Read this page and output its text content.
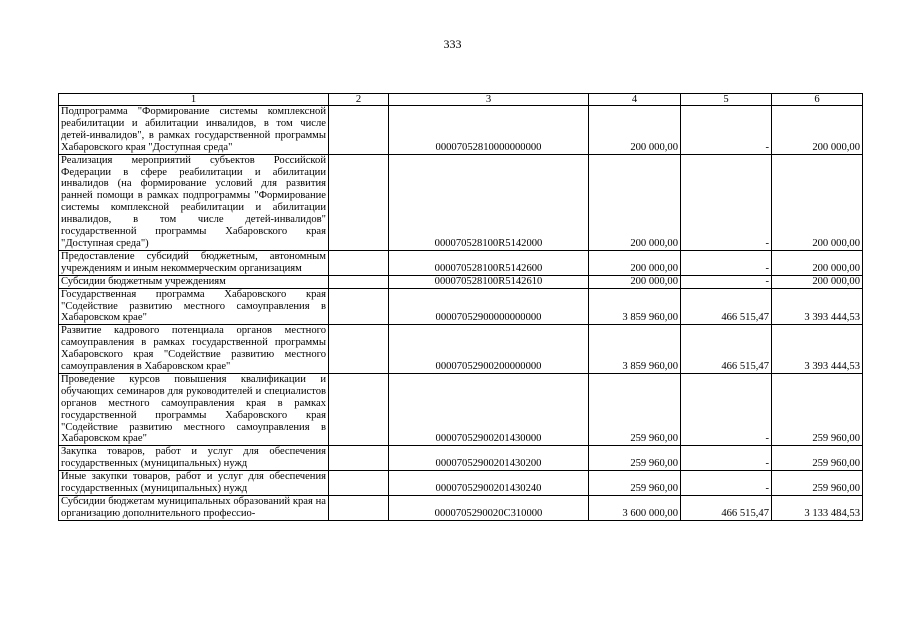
333
1	2	3	4	5	6
Подпрограмма "Формирование системы комплексной реабилитации и абилитации инвалидов, в том числе детей-инвалидов", в рамках государственной программы Хабаровского края "Доступная среда"		00007052810000000000	200 000,00	-	200 000,00
Реализация мероприятий субъектов Российской Федерации в сфере реабилитации и абилитации инвалидов (на формирование условий для развития ранней помощи в рамках подпрограммы "Формирование системы комплексной реабилитации и абилитации инвалидов, в том числе детей-инвалидов" государственной программы Хабаровского края "Доступная среда")		000070528100R5142000	200 000,00	-	200 000,00
Предоставление субсидий бюджетным, автономным учреждениям и иным некоммерческим организациям		000070528100R5142600	200 000,00	-	200 000,00
Субсидии бюджетным учреждениям		000070528100R5142610	200 000,00	-	200 000,00
Государственная программа Хабаровского края "Содействие развитию местного самоуправления в Хабаровском крае"		00007052900000000000	3 859 960,00	466 515,47	3 393 444,53
Развитие кадрового потенциала органов местного самоуправления в рамках государственной программы Хабаровского края "Содействие развитию местного самоуправления в Хабаровском крае"		00007052900200000000	3 859 960,00	466 515,47	3 393 444,53
Проведение курсов повышения квалификации и обучающих семинаров для руководителей и специалистов органов местного самоуправления края в рамках государственной программы Хабаровского края "Содействие развитию местного самоуправления в Хабаровском крае"		00007052900201430000	259 960,00	-	259 960,00
Закупка товаров, работ и услуг для обеспечения государственных (муниципальных) нужд		00007052900201430200	259 960,00	-	259 960,00
Иные закупки товаров, работ и услуг для обеспечения государственных (муниципальных) нужд		00007052900201430240	259 960,00	-	259 960,00
Субсидии бюджетам муниципальных образований края на организацию дополнительного профессио-		0000705290020C310000	3 600 000,00	466 515,47	3 133 484,53
